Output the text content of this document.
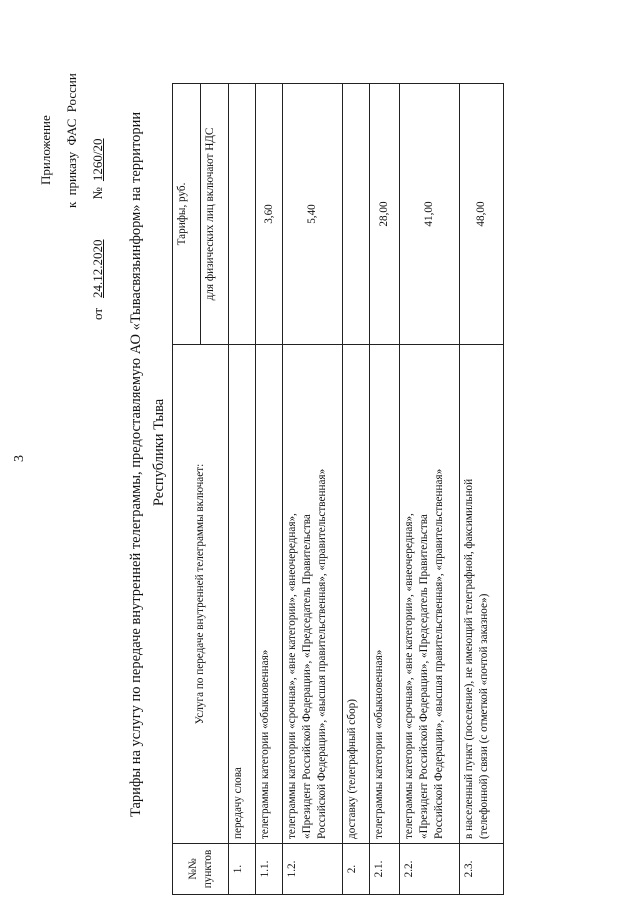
3
Приложение к приказу ФАС России
от24.12.2020№1260/20 Тарифы на услугу по передаче внутренней телеграммы, предоставляемую АО «Тывасвязьинформ» на территории Республики Тыва
№№ пунктов	Услуга по передаче внутренней телеграммы включает:	Тарифы, руб.
		для физических лиц включают НДС
1.	передачу слова	
1.1.	телеграммы категории «обыкновенная»	3,60
1.2.	телеграммы категории «срочная», «вне категории», «внеочередная», «Президент Российской Федерации», «Председатель Правительства Российской Федерации», «высшая правительственная», «правительственная»	5,40
2.	доставку (телеграфный сбор)	
2.1.	телеграммы категории «обыкновенная»	28,00
2.2.	телеграммы категории «срочная», «вне категории», «внеочередная», «Президент Российской Федерации», «Председатель Правительства Российской Федерации», «высшая правительственная», «правительственная»	41,00
2.3.	в населенный пункт (поселение), не имеющий телеграфной, факсимильной (телефонной) связи (с отметкой «почтой заказное»)	48,00
